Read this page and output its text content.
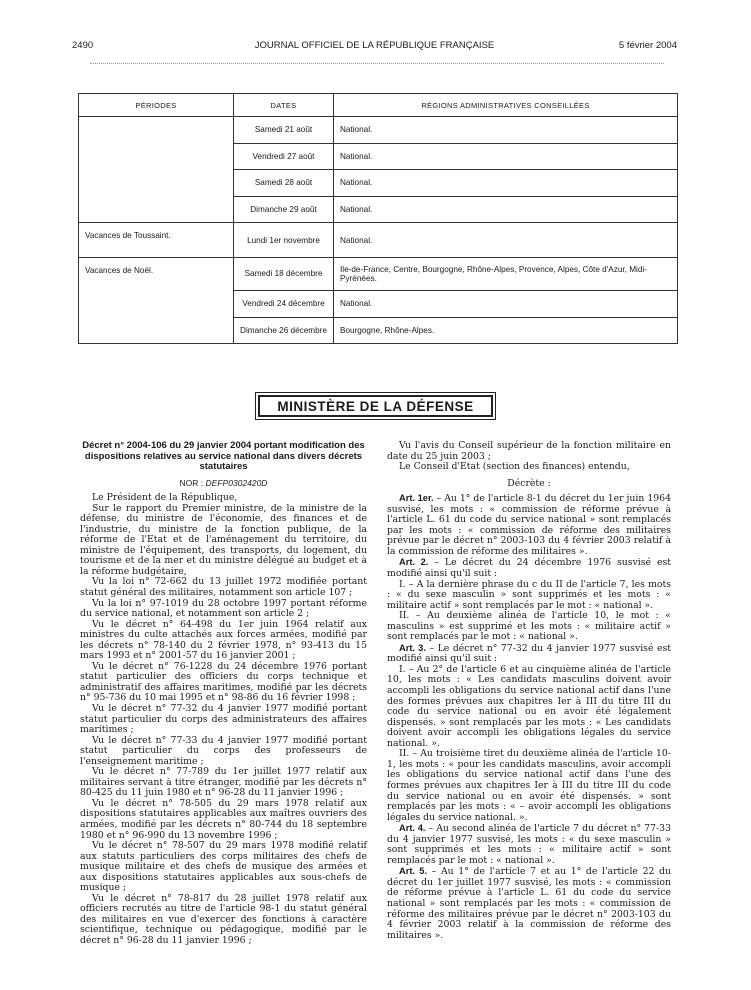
2490	JOURNAL OFFICIEL DE LA RÉPUBLIQUE FRANÇAISE	5 février 2004
PÉRIODES	DATES	RÉGIONS ADMINISTRATIVES CONSEILLÉES
	Samedi 21 août	National.
	Vendredi 27 août	National.
	Samedi 28 août	National.
	Dimanche 29 août	National.
Vacances de Toussaint.	Lundi 1er novembre	National.
Vacances de Noël.	Samedi 18 décembre	Ile-de-France, Centre, Bourgogne, Rhône-Alpes, Provence, Alpes, Côte d'Azur, Midi-Pyrénées.
	Vendredi 24 décembre	National.
	Dimanche 26 décembre	Bourgogne, Rhône-Alpes.
MINISTÈRE DE LA DÉFENSE
Décret n° 2004-106 du 29 janvier 2004 portant modification des dispositions relatives au service national dans divers décrets statutaires
NOR : DEFP0302420D

Le Président de la République,

Sur le rapport du Premier ministre, de la ministre de la défense, du ministre de l'économie, des finances et de l'industrie, du ministre de la fonction publique, de la réforme de l'Etat et de l'aménagement du territoire, du ministre de l'équipement, des transports, du logement, du tourisme et de la mer et du ministre délégué au budget et à la réforme budgétaire,

Vu la loi n° 72-662 du 13 juillet 1972 modifiée portant statut général des militaires, notamment son article 107 ;

Vu la loi n° 97-1019 du 28 octobre 1997 portant réforme du service national, et notamment son article 2 ;

Vu le décret n° 64-498 du 1er juin 1964 relatif aux ministres du culte attachés aux forces armées, modifié par les décrets n° 78-140 du 2 février 1978, n° 93-413 du 15 mars 1993 et n° 2001-57 du 16 janvier 2001 ;

Vu le décret n° 76-1228 du 24 décembre 1976 portant statut particulier des officiers du corps technique et administratif des affaires maritimes, modifié par les décrets n° 95-736 du 10 mai 1995 et n° 98-86 du 16 février 1998 ;

Vu le décret n° 77-32 du 4 janvier 1977 modifié portant statut particulier du corps des administrateurs des affaires maritimes ;

Vu le décret n° 77-33 du 4 janvier 1977 modifié portant statut particulier du corps des professeurs de l'enseignement maritime ;

Vu le décret n° 77-789 du 1er juillet 1977 relatif aux militaires servant à titre étranger, modifié par les décrets n° 80-425 du 11 juin 1980 et n° 96-28 du 11 janvier 1996 ;

Vu le décret n° 78-505 du 29 mars 1978 relatif aux dispositions statutaires applicables aux maîtres ouvriers des armées, modifié par les décrets n° 80-744 du 18 septembre 1980 et n° 96-990 du 13 novembre 1996 ;

Vu le décret n° 78-507 du 29 mars 1978 modifié relatif aux statuts particuliers des corps militaires des chefs de musique militaire et des chefs de musique des armées et aux dispositions statutaires applicables aux sous-chefs de musique ;

Vu le décret n° 78-817 du 28 juillet 1978 relatif aux officiers recrutés au titre de l'article 98-1 du statut général des militaires en vue d'exercer des fonctions à caractère scientifique, technique ou pédagogique, modifié par le décret n° 96-28 du 11 janvier 1996 ;

Vu l'avis du Conseil supérieur de la fonction militaire en date du 25 juin 2003 ;

Le Conseil d'Etat (section des finances) entendu,

Décrète :

Art. 1er. – Au 1° de l'article 8-1 du décret du 1er juin 1964 susvisé, les mots : « commission de réforme prévue à l'article L. 61 du code du service national » sont remplacés par les mots : « commission de réforme des militaires prévue par le décret n° 2003-103 du 4 février 2003 relatif à la commission de réforme des militaires ».

Art. 2. – Le décret du 24 décembre 1976 susvisé est modifié ainsi qu'il suit :

I. – A la dernière phrase du c du II de l'article 7, les mots : « du sexe masculin » sont supprimés et les mots : « militaire actif » sont remplacés par le mot : « national ».

II. – Au deuxième alinéa de l'article 10, le mot : « masculins » est supprimé et les mots : « militaire actif » sont remplacés par le mot : « national ».

Art. 3. – Le décret n° 77-32 du 4 janvier 1977 susvisé est modifié ainsi qu'il suit :

I. – Au 2° de l'article 6 et au cinquième alinéa de l'article 10, les mots : « Les candidats masculins doivent avoir accompli les obligations du service national actif dans l'une des formes prévues aux chapitres Ier à III du titre III du code du service national ou en avoir été légalement dispensés. » sont remplacés par les mots : « Les candidats doivent avoir accompli les obligations légales du service national. ».

II. – Au troisième tiret du deuxième alinéa de l'article 10-1, les mots : « pour les candidats masculins, avoir accompli les obligations du service national actif dans l'une des formes prévues aux chapitres Ier à III du titre III du code du service national ou en avoir été dispensés. » sont remplacés par les mots : « – avoir accompli les obligations légales du service national. ».

Art. 4. – Au second alinéa de l'article 7 du décret n° 77-33 du 4 janvier 1977 susvisé, les mots : « du sexe masculin » sont supprimés et les mots : « militaire actif » sont remplacés par le mot : « national ».

Art. 5. – Au 1° de l'article 7 et au 1° de l'article 22 du décret du 1er juillet 1977 susvisé, les mots : « commission de réforme prévue à l'article L. 61 du code du service national » sont remplacés par les mots : « commission de réforme des militaires prévue par le décret n° 2003-103 du 4 février 2003 relatif à la commission de réforme des militaires ».
